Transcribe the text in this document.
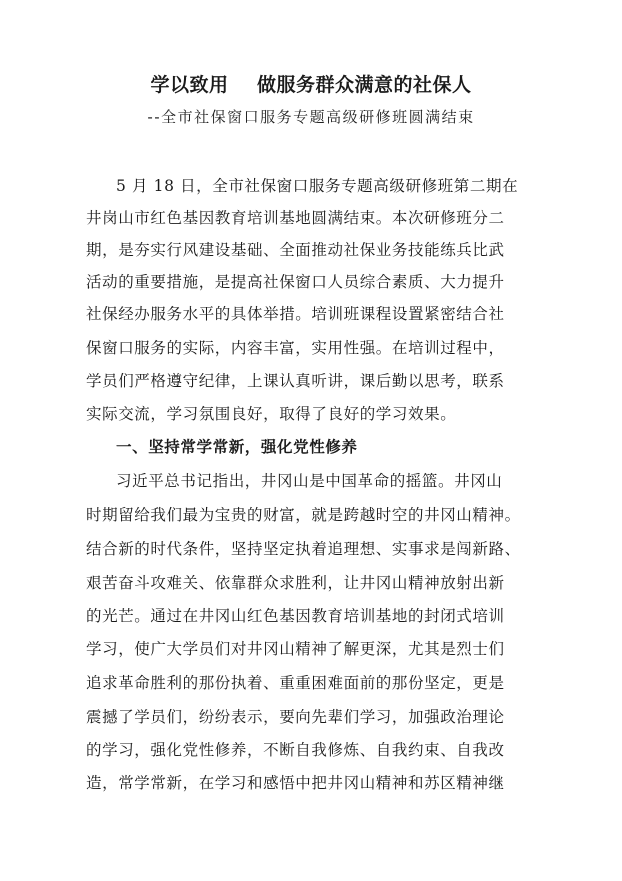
学以致用    做服务群众满意的社保人
--全市社保窗口服务专题高级研修班圆满结束
5 月 18 日，全市社保窗口服务专题高级研修班第二期在
井岗山市红色基因教育培训基地圆满结束。本次研修班分二
期，是夯实行风建设基础、全面推动社保业务技能练兵比武
活动的重要措施，是提高社保窗口人员综合素质、大力提升
社保经办服务水平的具体举措。培训班课程设置紧密结合社
保窗口服务的实际，内容丰富，实用性强。在培训过程中，
学员们严格遵守纪律，上课认真听讲，课后勤以思考，联系
实际交流，学习氛围良好，取得了良好的学习效果。
一、坚持常学常新，强化党性修养
习近平总书记指出，井冈山是中国革命的摇篮。井冈山
时期留给我们最为宝贵的财富，就是跨越时空的井冈山精神。
结合新的时代条件，坚持坚定执着追理想、实事求是闯新路、
艰苦奋斗攻难关、依靠群众求胜利，让井冈山精神放射出新
的光芒。通过在井冈山红色基因教育培训基地的封闭式培训
学习，使广大学员们对井冈山精神了解更深，尤其是烈士们
追求革命胜利的那份执着、重重困难面前的那份坚定，更是
震撼了学员们，纷纷表示，要向先辈们学习，加强政治理论
的学习，强化党性修养，不断自我修炼、自我约束、自我改
造，常学常新，在学习和感悟中把井冈山精神和苏区精神继
